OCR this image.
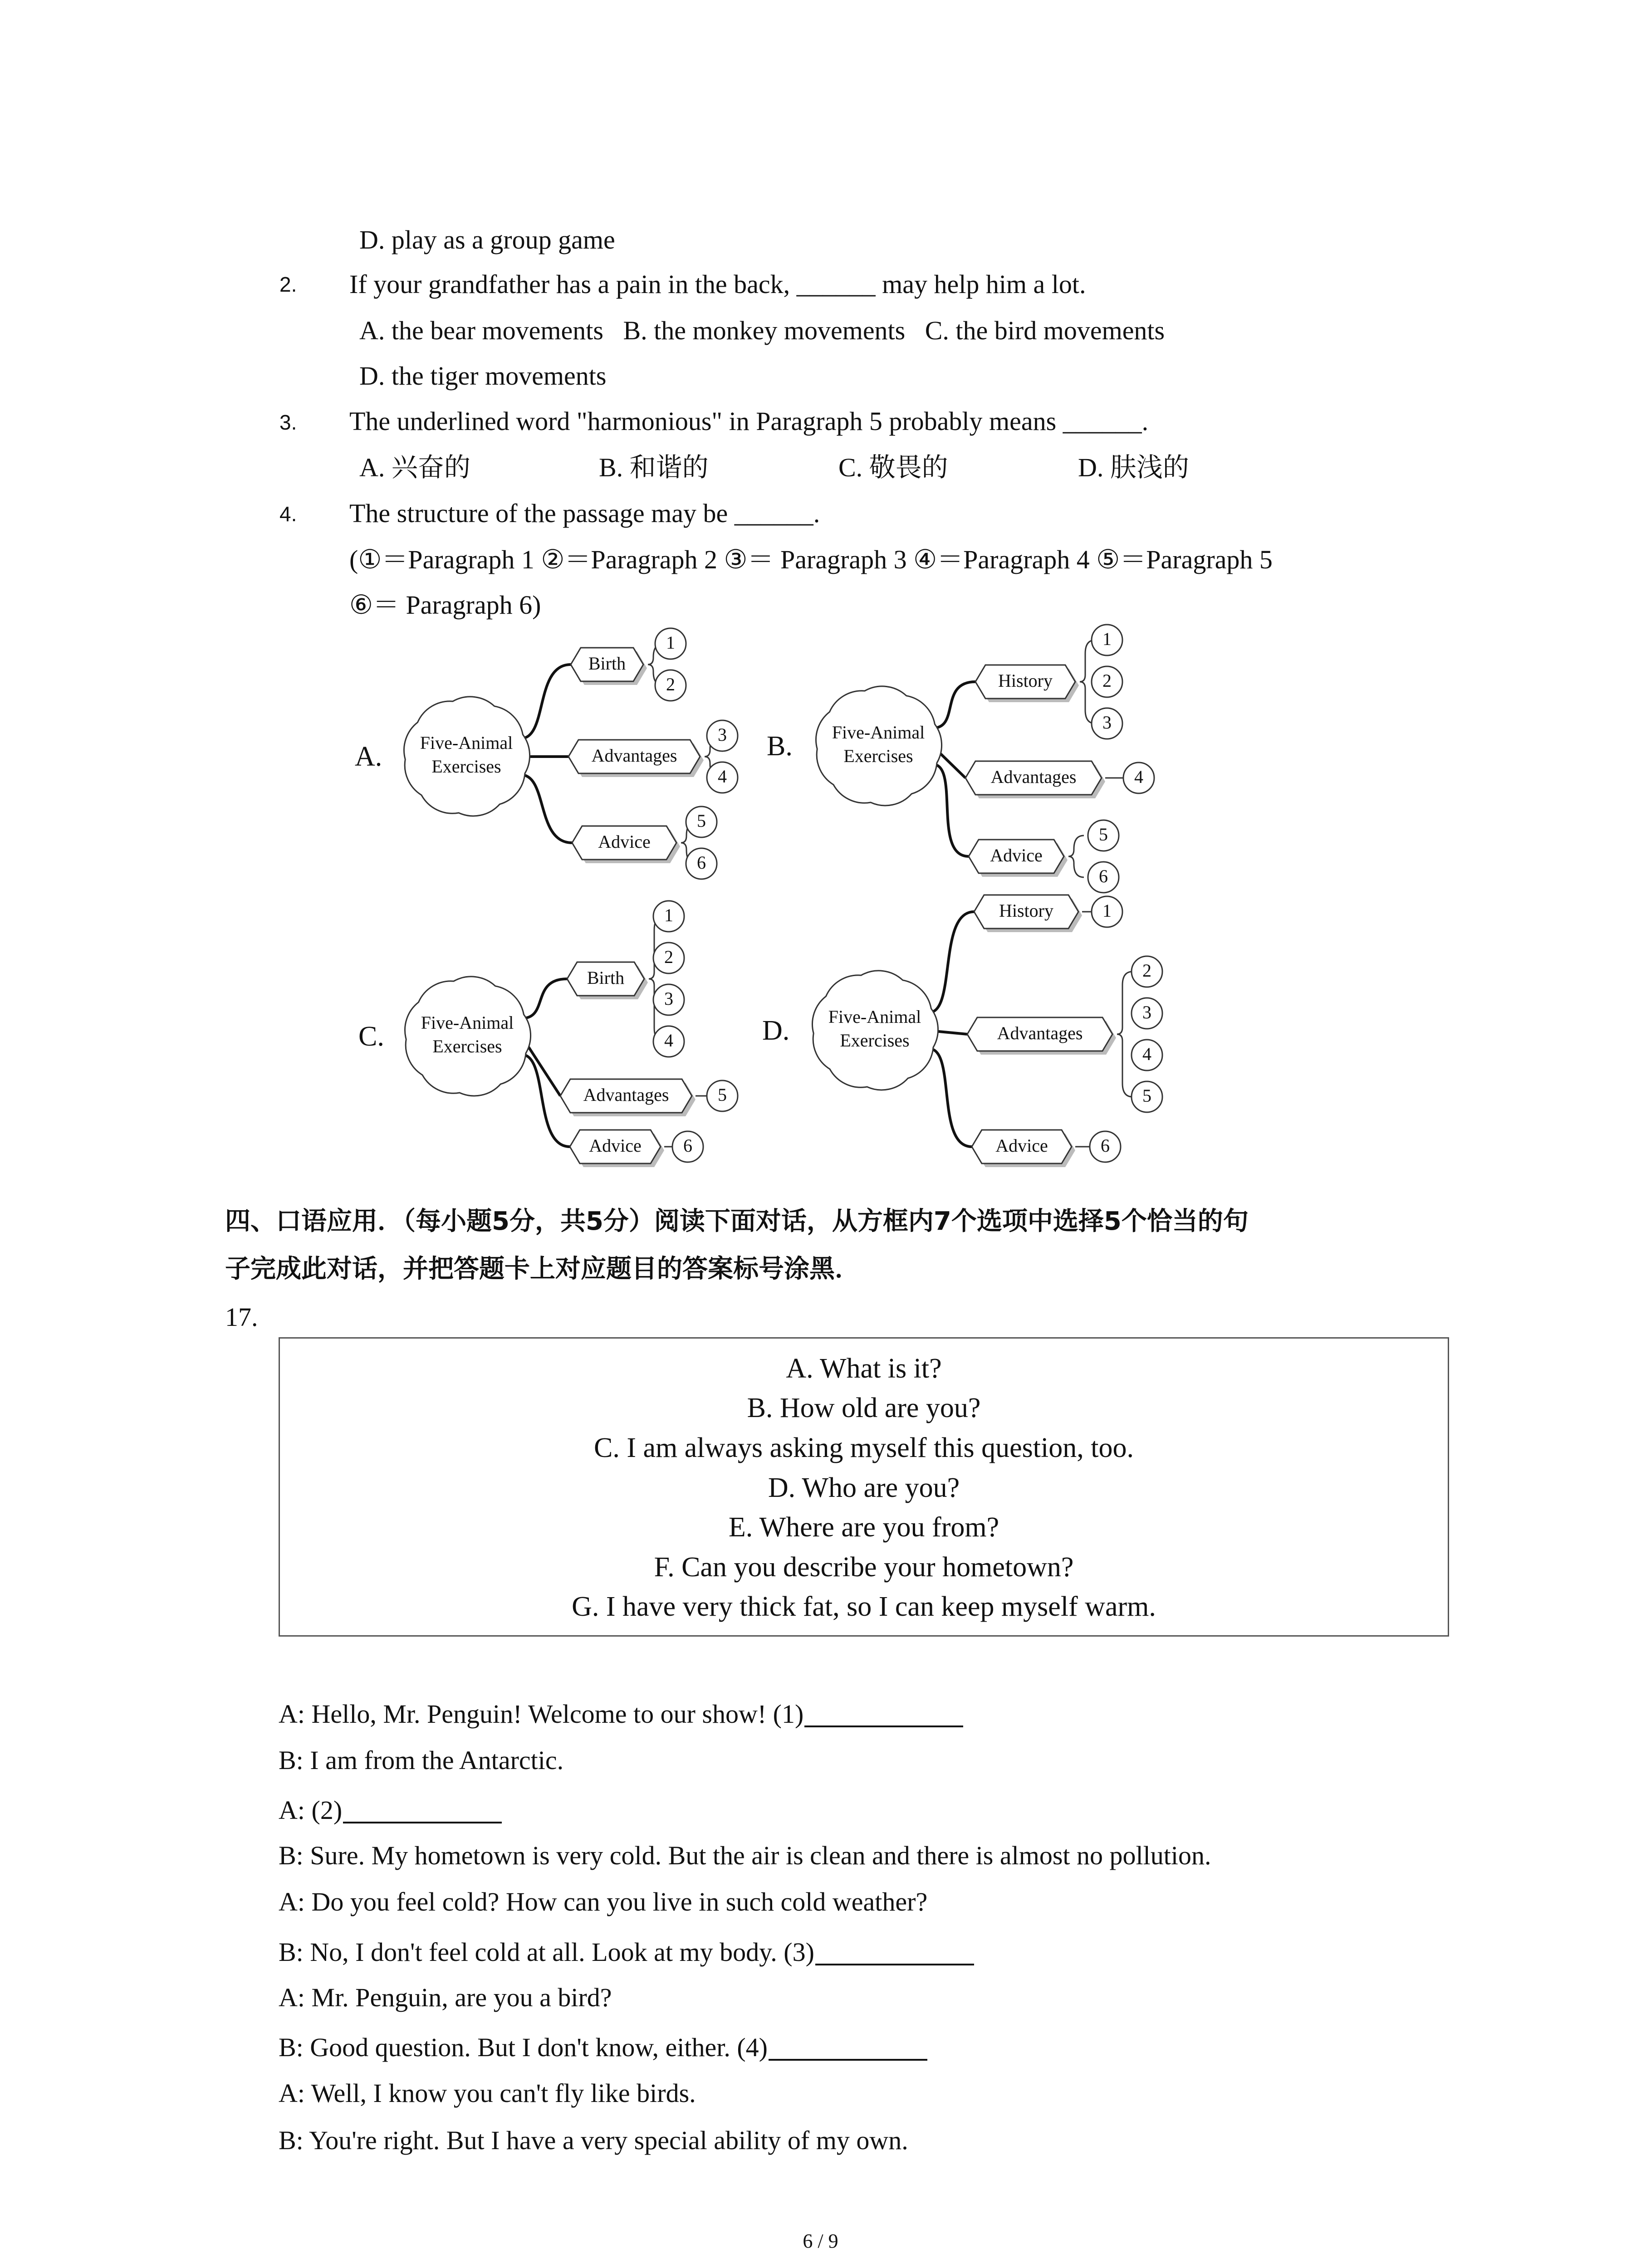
D. play as a group game
2. If your grandfather has a pain in the back, ______ may help him a lot.
A. the bear movements   B. the monkey movements   C. the bird movements
D. the tiger movements
3. The underlined word "harmonious" in Paragraph 5 probably means ______.
A. 兴奋的	B. 和谐的	C. 敬畏的	D. 肤浅的
4. The structure of the passage may be ______.
(①＝Paragraph 1 ②＝Paragraph 2 ③＝ Paragraph 3 ④＝Paragraph 4 ⑤＝Paragraph 5
⑥＝ Paragraph 6)
A. Five-Animal
Exercises
Birth
1
2
Advantages
3
4
Advice
5
6
B. Five-Animal
Exercises
History
1
2
3
Advantages	4
Advice
5
6
C. Five-Animal
Exercises
Birth
1
2
3
4
Advantages	5
Advice 6
D. Five-Animal
Exercises
History	1
Advantages
2
3
4
5
Advice	6
四、口语应用．（每小题5分，共5分）阅读下面对话，从方框内7个选项中选择5个恰当的句
子完成此对话，并把答题卡上对应题目的答案标号涂黑．
17.
A. What is it?
B. How old are you?
C. I am always asking myself this question, too.
D. Who are you?
E. Where are you from?
F. Can you describe your hometown?
G. I have very thick fat, so I can keep myself warm.
A: Hello, Mr. Penguin! Welcome to our show! (1)
B: I am from the Antarctic.
A: (2)
B: Sure. My hometown is very cold. But the air is clean and there is almost no pollution.
A: Do you feel cold? How can you live in such cold weather?
B: No, I don't feel cold at all. Look at my body. (3)
A: Mr. Penguin, are you a bird?
B: Good question. But I don't know, either. (4)
A: Well, I know you can't fly like birds.
B: You're right. But I have a very special ability of my own.
6 / 9
